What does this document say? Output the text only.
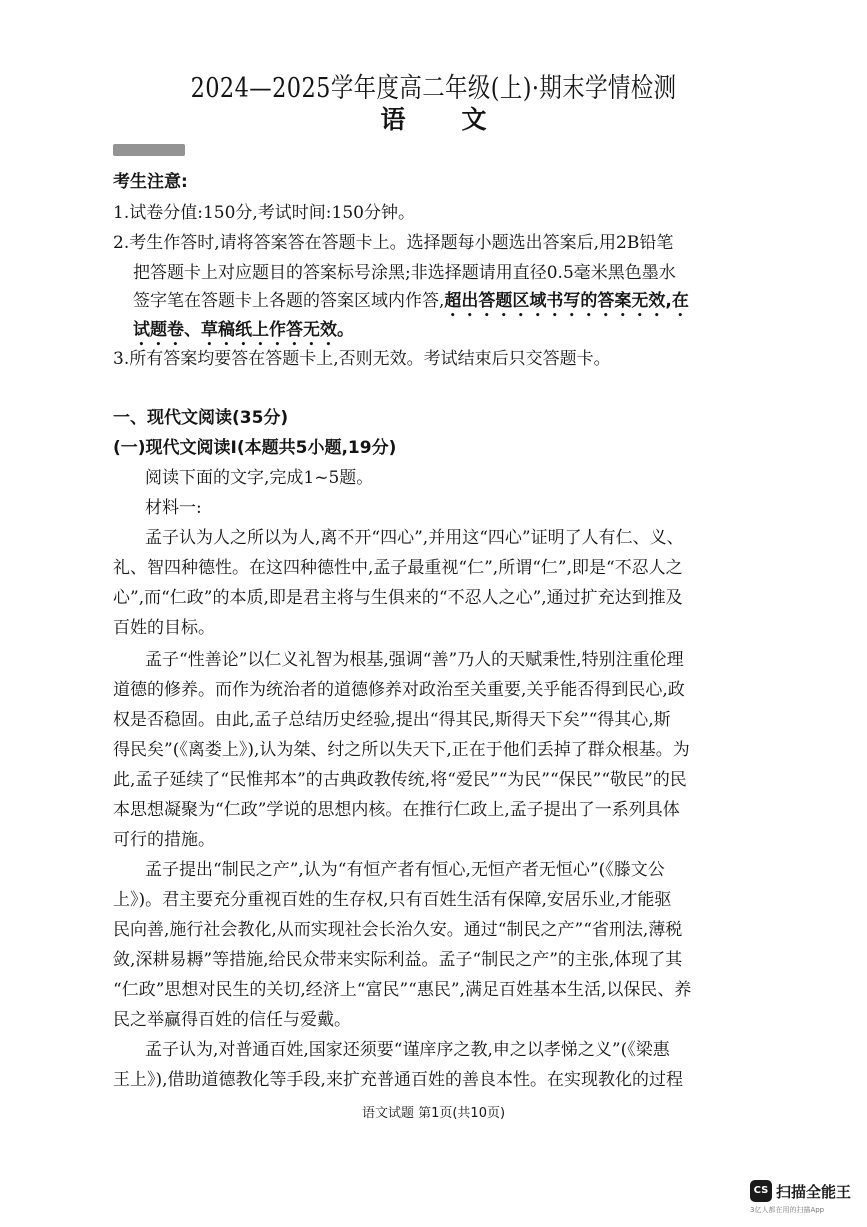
2024—2025学年度高二年级(上)·期末学情检测
语文
考生注意:
1.试卷分值:150分,考试时间:150分钟。
2.考生作答时,请将答案答在答题卡上。选择题每小题选出答案后,用2B铅笔
把答题卡上对应题目的答案标号涂黑;非选择题请用直径0.5毫米黑色墨水
签字笔在答题卡上各题的答案区域内作答,超出答题区域书写的答案无效,在
试题卷、草稿纸上作答无效。
3.所有答案均要答在答题卡上,否则无效。考试结束后只交答题卡。
一、现代文阅读(35分)
(一)现代文阅读Ⅰ(本题共5小题,19分)
阅读下面的文字,完成1~5题。
材料一:
孟子认为人之所以为人,离不开“四心”,并用这“四心”证明了人有仁、义、
礼、智四种德性。在这四种德性中,孟子最重视“仁”,所谓“仁”,即是“不忍人之
心”,而“仁政”的本质,即是君主将与生俱来的“不忍人之心”,通过扩充达到推及
百姓的目标。
孟子“性善论”以仁义礼智为根基,强调“善”乃人的天赋秉性,特别注重伦理
道德的修养。而作为统治者的道德修养对政治至关重要,关乎能否得到民心,政
权是否稳固。由此,孟子总结历史经验,提出“得其民,斯得天下矣”“得其心,斯
得民矣”(《离娄上》),认为桀、纣之所以失天下,正在于他们丢掉了群众根基。为
此,孟子延续了“民惟邦本”的古典政教传统,将“爱民”“为民”“保民”“敬民”的民
本思想凝聚为“仁政”学说的思想内核。在推行仁政上,孟子提出了一系列具体
可行的措施。
孟子提出“制民之产”,认为“有恒产者有恒心,无恒产者无恒心”(《滕文公
上》)。君主要充分重视百姓的生存权,只有百姓生活有保障,安居乐业,才能驱
民向善,施行社会教化,从而实现社会长治久安。通过“制民之产”“省刑法,薄税
敛,深耕易耨”等措施,给民众带来实际利益。孟子“制民之产”的主张,体现了其
“仁政”思想对民生的关切,经济上“富民”“惠民”,满足百姓基本生活,以保民、养
民之举赢得百姓的信任与爱戴。
孟子认为,对普通百姓,国家还须要“谨庠序之教,申之以孝悌之义”(《梁惠
王上》),借助道德教化等手段,来扩充普通百姓的善良本性。在实现教化的过程
语文试题 第1页(共10页)
CS 扫描全能王
3亿人都在用的扫描App
